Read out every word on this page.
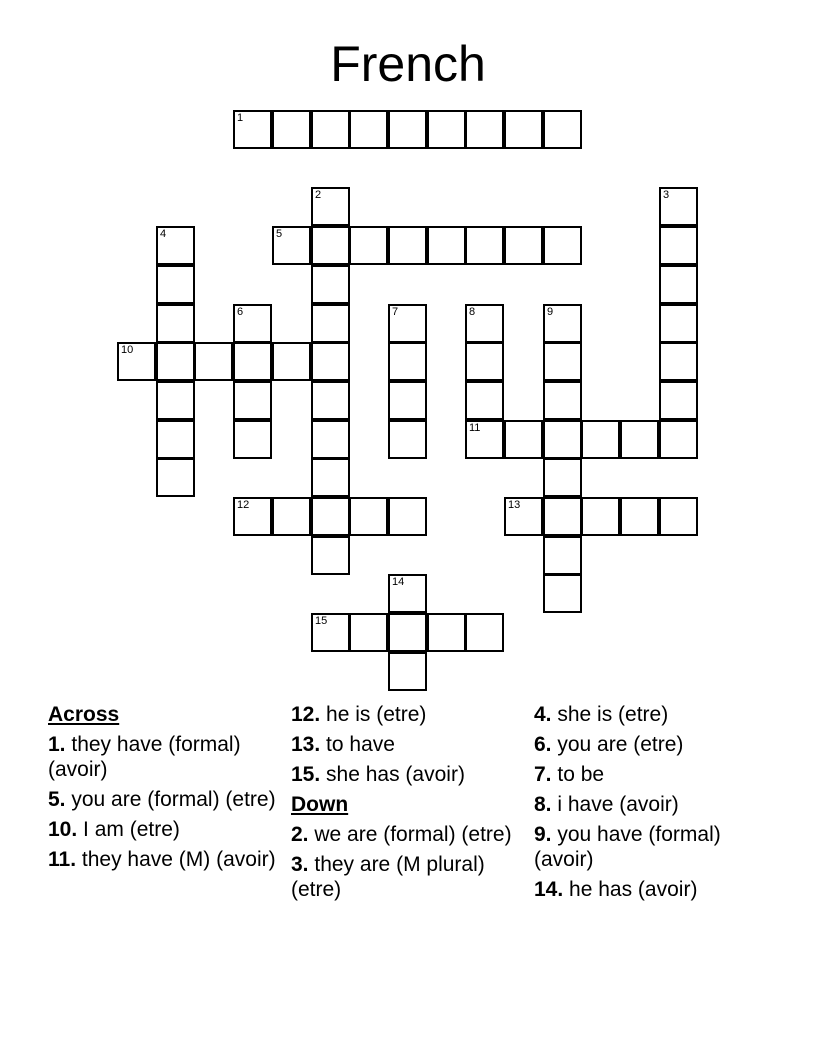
French
1
2	3
4	5
6	7	8	9
10
11
12	13
14
15
Across
1. they have (formal) (avoir)
5. you are (formal) (etre)
10. I am (etre)
11. they have (M) (avoir)
12. he is (etre)
13. to have
15. she has (avoir)
Down
2. we are (formal) (etre)
3. they are (M plural) (etre)
4. she is (etre)
6. you are (etre)
7. to be
8. i have (avoir)
9. you have (formal) (avoir)
14. he has (avoir)
